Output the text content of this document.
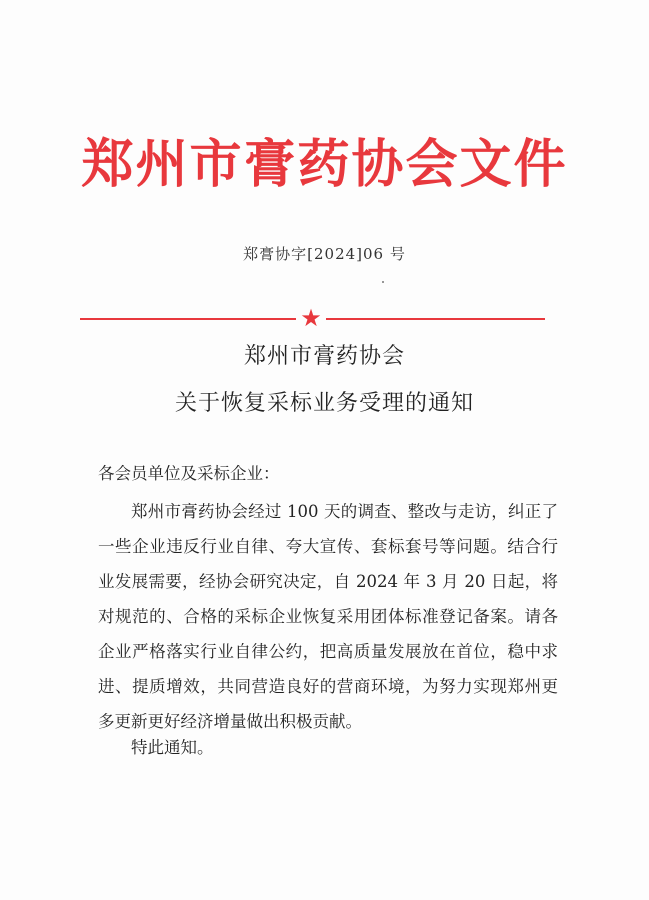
郑州市膏药协会文件
郑膏协字[2024]06 号
★
郑州市膏药协会
关于恢复采标业务受理的通知
各会员单位及采标企业：
郑州市膏药协会经过 100 天的调查、整改与走访，纠正了一些企业违反行业自律、夸大宣传、套标套号等问题。结合行业发展需要，经协会研究决定，自 2024 年 3 月 20 日起，将对规范的、合格的采标企业恢复采用团体标准登记备案。请各企业严格落实行业自律公约，把高质量发展放在首位，稳中求进、提质增效，共同营造良好的营商环境，为努力实现郑州更多更新更好经济增量做出积极贡献。
特此通知。
